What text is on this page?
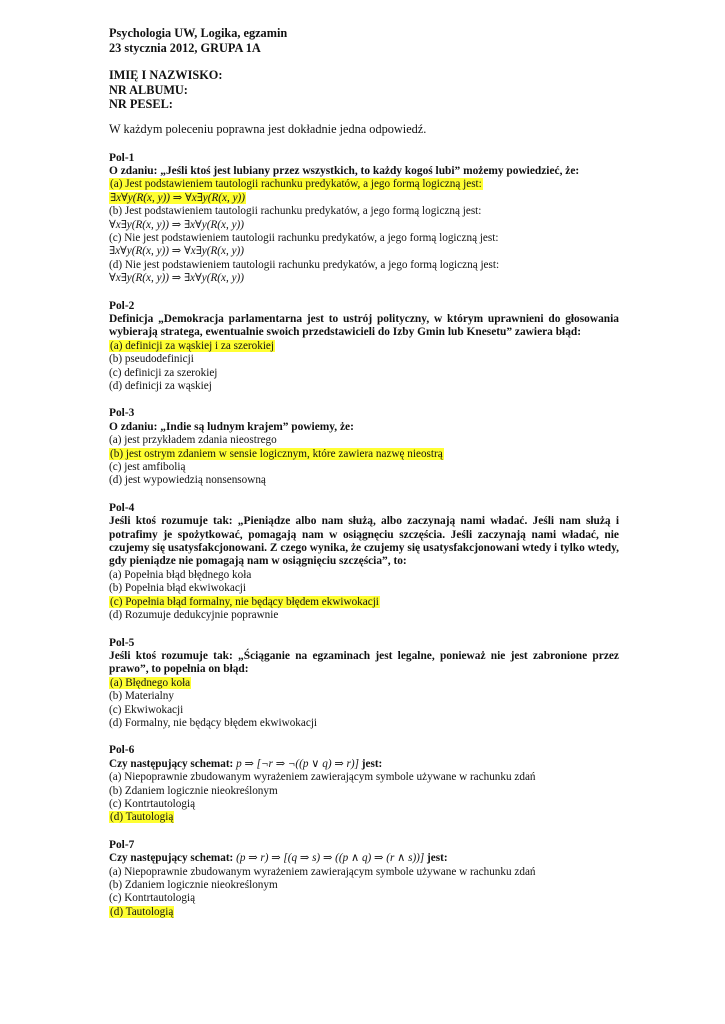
Psychologia UW, Logika, egzamin
23 stycznia 2012, GRUPA 1A
IMIĘ I NAZWISKO:
NR ALBUMU:
NR PESEL:
W każdym poleceniu poprawna jest dokładnie jedna odpowiedź.
Pol-1
O zdaniu: „Jeśli ktoś jest lubiany przez wszystkich, to każdy kogoś lubi” możemy powiedzieć, że:
(a) Jest podstawieniem tautologii rachunku predykatów, a jego formą logiczną jest:
∃x∀y(R(x, y)) ⇒ ∀x∃y(R(x, y))
(b) Jest podstawieniem tautologii rachunku predykatów, a jego formą logiczną jest:
∀x∃y(R(x, y)) ⇒ ∃x∀y(R(x, y))
(c) Nie jest podstawieniem tautologii rachunku predykatów, a jego formą logiczną jest:
∃x∀y(R(x, y)) ⇒ ∀x∃y(R(x, y))
(d) Nie jest podstawieniem tautologii rachunku predykatów, a jego formą logiczną jest:
∀x∃y(R(x, y)) ⇒ ∃x∀y(R(x, y))
Pol-2
Definicja „Demokracja parlamentarna jest to ustrój polityczny, w którym uprawnieni do głosowania wybierają stratega, ewentualnie swoich przedstawicieli do Izby Gmin lub Knesetu” zawiera błąd:
(a) definicji za wąskiej i za szerokiej
(b) pseudodefinicji
(c) definicji za szerokiej
(d) definicji za wąskiej
Pol-3
O zdaniu: „Indie są ludnym krajem” powiemy, że:
(a) jest przykładem zdania nieostrego
(b) jest ostrym zdaniem w sensie logicznym, które zawiera nazwę nieostrą
(c) jest amfibolią
(d) jest wypowiedzią nonsensowną
Pol-4
Jeśli ktoś rozumuje tak: „Pieniądze albo nam służą, albo zaczynają nami władać. Jeśli nam służą i potrafimy je spożytkować, pomagają nam w osiągnęciu szczęścia. Jeśli zaczynają nami władać, nie czujemy się usatysfakcjonowani. Z czego wynika, że czujemy się usatysfakcjonowani wtedy i tylko wtedy, gdy pieniądze nie pomagają nam w osiągnięciu szczęścia”, to:
(a) Popełnia błąd błędnego koła
(b) Popełnia błąd ekwiwokacji
(c) Popełnia błąd formalny, nie będący błędem ekwiwokacji
(d) Rozumuje dedukcyjnie poprawnie
Pol-5
Jeśli ktoś rozumuje tak: „Ściąganie na egzaminach jest legalne, ponieważ nie jest zabronione przez prawo”, to popełnia on błąd:
(a) Błędnego koła
(b) Materialny
(c) Ekwiwokacji
(d) Formalny, nie będący błędem ekwiwokacji
Pol-6
Czy następujący schemat: p ⇒ [¬r ⇒ ¬((p ∨ q) ⇒ r)] jest:
(a) Niepoprawnie zbudowanym wyrażeniem zawierającym symbole używane w rachunku zdań
(b) Zdaniem logicznie nieokreślonym
(c) Kontrtautologią
(d) Tautologią
Pol-7
Czy następujący schemat: (p ⇒ r) ⇒ [(q ⇒ s) ⇒ ((p ∧ q) ⇒ (r ∧ s))] jest:
(a) Niepoprawnie zbudowanym wyrażeniem zawierającym symbole używane w rachunku zdań
(b) Zdaniem logicznie nieokreślonym
(c) Kontrtautologią
(d) Tautologią
